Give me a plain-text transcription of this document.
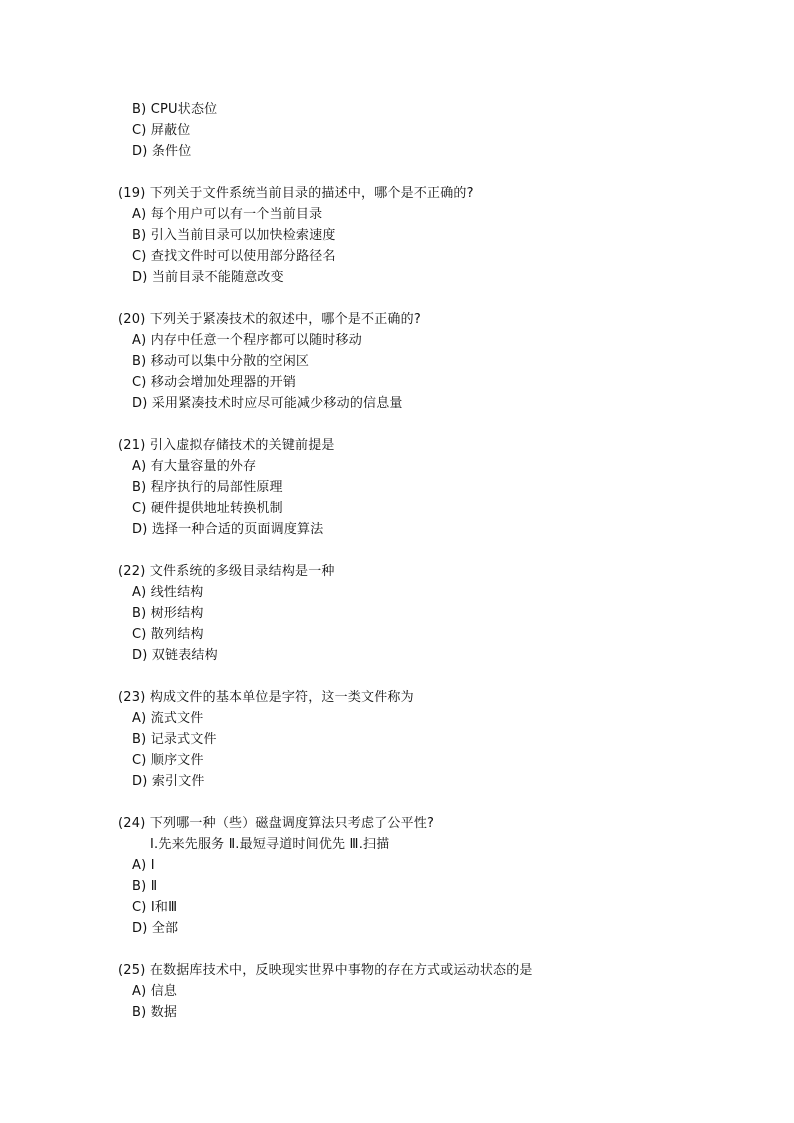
B) CPU状态位
C) 屏蔽位
D) 条件位
(19) 下列关于文件系统当前目录的描述中，哪个是不正确的?
A) 每个用户可以有一个当前目录
B) 引入当前目录可以加快检索速度
C) 查找文件时可以使用部分路径名
D) 当前目录不能随意改变
(20) 下列关于紧凑技术的叙述中，哪个是不正确的?
A) 内存中任意一个程序都可以随时移动
B) 移动可以集中分散的空闲区
C) 移动会增加处理器的开销
D) 采用紧凑技术时应尽可能减少移动的信息量
(21) 引入虚拟存储技术的关键前提是
A) 有大量容量的外存
B) 程序执行的局部性原理
C) 硬件提供地址转换机制
D) 选择一种合适的页面调度算法
(22) 文件系统的多级目录结构是一种
A) 线性结构
B) 树形结构
C) 散列结构
D) 双链表结构
(23) 构成文件的基本单位是字符，这一类文件称为
A) 流式文件
B) 记录式文件
C) 顺序文件
D) 索引文件
(24) 下列哪一种（些）磁盘调度算法只考虑了公平性?
Ⅰ.先来先服务 Ⅱ.最短寻道时间优先 Ⅲ.扫描
A) Ⅰ
B) Ⅱ
C) Ⅰ和Ⅲ
D) 全部
(25) 在数据库技术中，反映现实世界中事物的存在方式或运动状态的是
A) 信息
B) 数据
